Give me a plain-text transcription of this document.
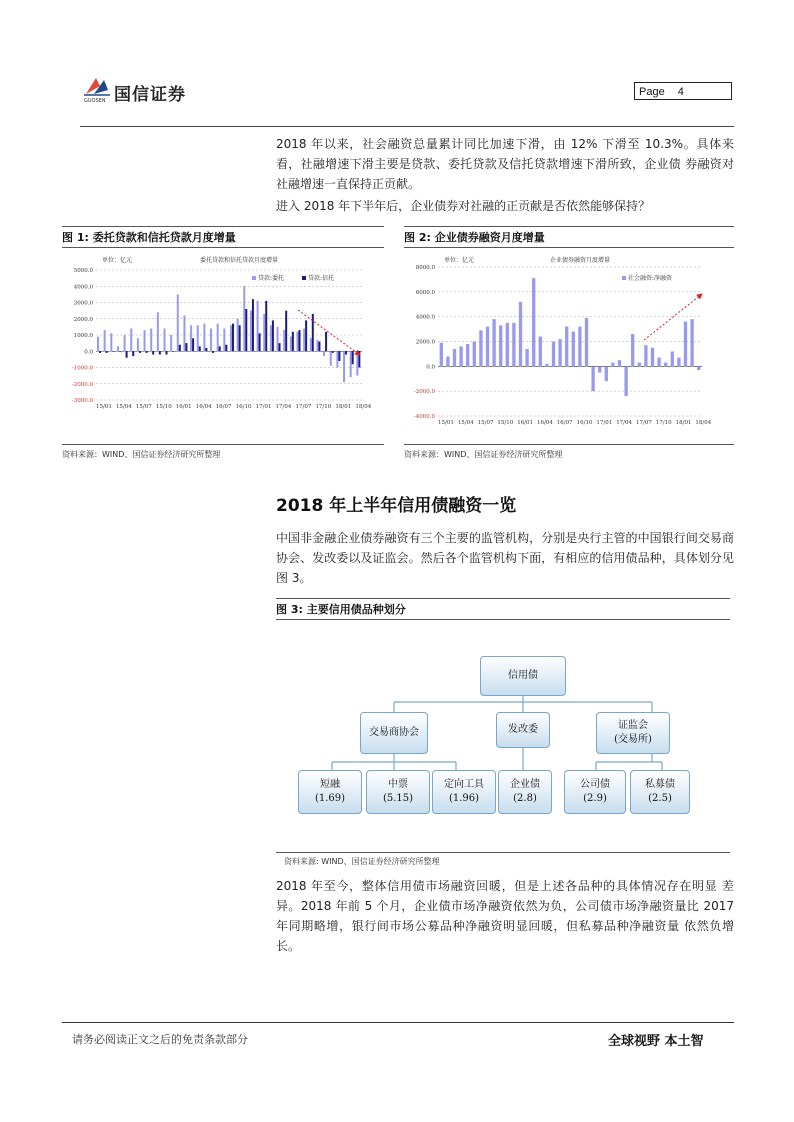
国信证券
GUOSEN
Page 4
2018 年以来，社会融资总量累计同比加速下滑，由 12% 下滑至 10.3%。具体来看，社融增速下滑主要是贷款、委托贷款及信托贷款增速下滑所致，企业债 券融资对社融增速一直保持正贡献。
进入 2018 年下半年后，企业债券对社融的正贡献是否依然能够保持？
图 1: 委托贷款和信托贷款月度增量
单位：亿元	委托贷款和信托贷款月度增量
5000.0
4000.0
3000.0
2000.0
1000.0
0.0
-1000.0
-2000.0
-3000.0
15/01 15/04 15/07 15/10 16/01 16/04 16/07 16/10 17/01 17/04 17/07 17/10 18/01 18/04
贷款:委托	贷款:信托
资料来源：WIND、国信证券经济研究所整理
图 2: 企业债券融资月度增量
单位：亿元	企业债券融资月度增量
8000.0
6000.0
4000.0
2000.0
0.0
-2000.0
-4000.0
15/01 15/04 15/07 15/10 16/01 16/04 16/07 16/10 17/01 17/04 17/07 17/10 18/01 18/04
社会融资:净融资
资料来源：WIND、国信证券经济研究所整理
2018 年上半年信用债融资一览
中国非金融企业债券融资有三个主要的监管机构，分别是央行主管的中国银行间交易商协会、发改委以及证监会。然后各个监管机构下面，有相应的信用债品种，具体划分见图 3。
图 3: 主要信用债品种划分
信用债
交易商协会	发改委	证监会
(交易所)
短融
(1.69)
中票
(5.15)
定向工具
(1.96)
企业债
(2.8)
公司债
(2.9)
私募债
(2.5)
资料来源: WIND、国信证券经济研究所整理
2018 年至今，整体信用债市场融资回暖，但是上述各品种的具体情况存在明显 差异。2018 年前 5 个月，企业债市场净融资依然为负，公司债市场净融资量比 2017 年同期略增，银行间市场公募品种净融资明显回暖，但私募品种净融资量 依然负增长。
请务必阅读正文之后的免责条款部分	全球视野 本土智
